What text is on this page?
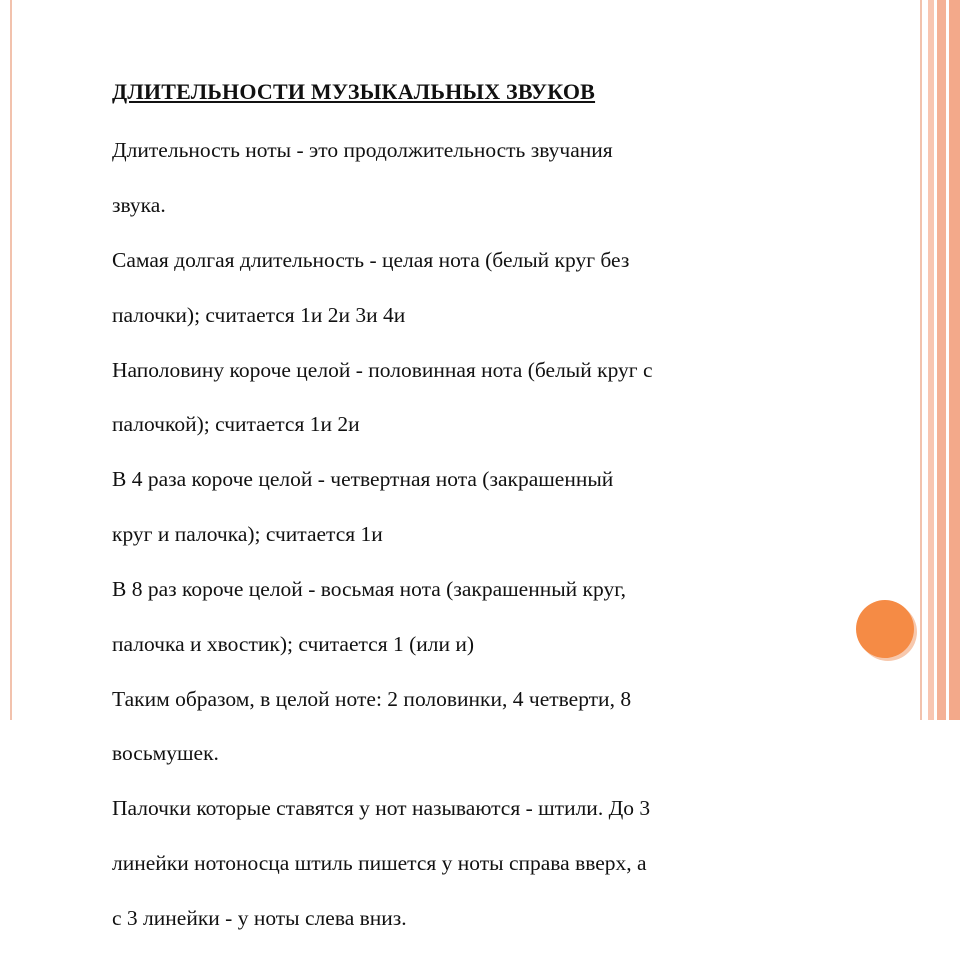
ДЛИТЕЛЬНОСТИ МУЗЫКАЛЬНЫХ ЗВУКОВ

Длительность ноты - это продолжительность звучания

звука.

Самая долгая длительность - целая нота (белый круг без

палочки); считается 1и 2и 3и 4и

Наполовину короче целой - половинная нота (белый круг с

палочкой); считается 1и 2и

В 4 раза короче целой - четвертная нота (закрашенный

круг и палочка); считается 1и

В 8 раз короче целой - восьмая нота (закрашенный круг,

палочка и хвостик); считается 1 (или и)

Таким образом, в целой ноте: 2 половинки, 4 четверти, 8

восьмушек.

Палочки которые ставятся у нот называются - штили. До 3

линейки нотоносца штиль пишется у ноты справа вверх, а

с 3 линейки - у ноты слева вниз.
